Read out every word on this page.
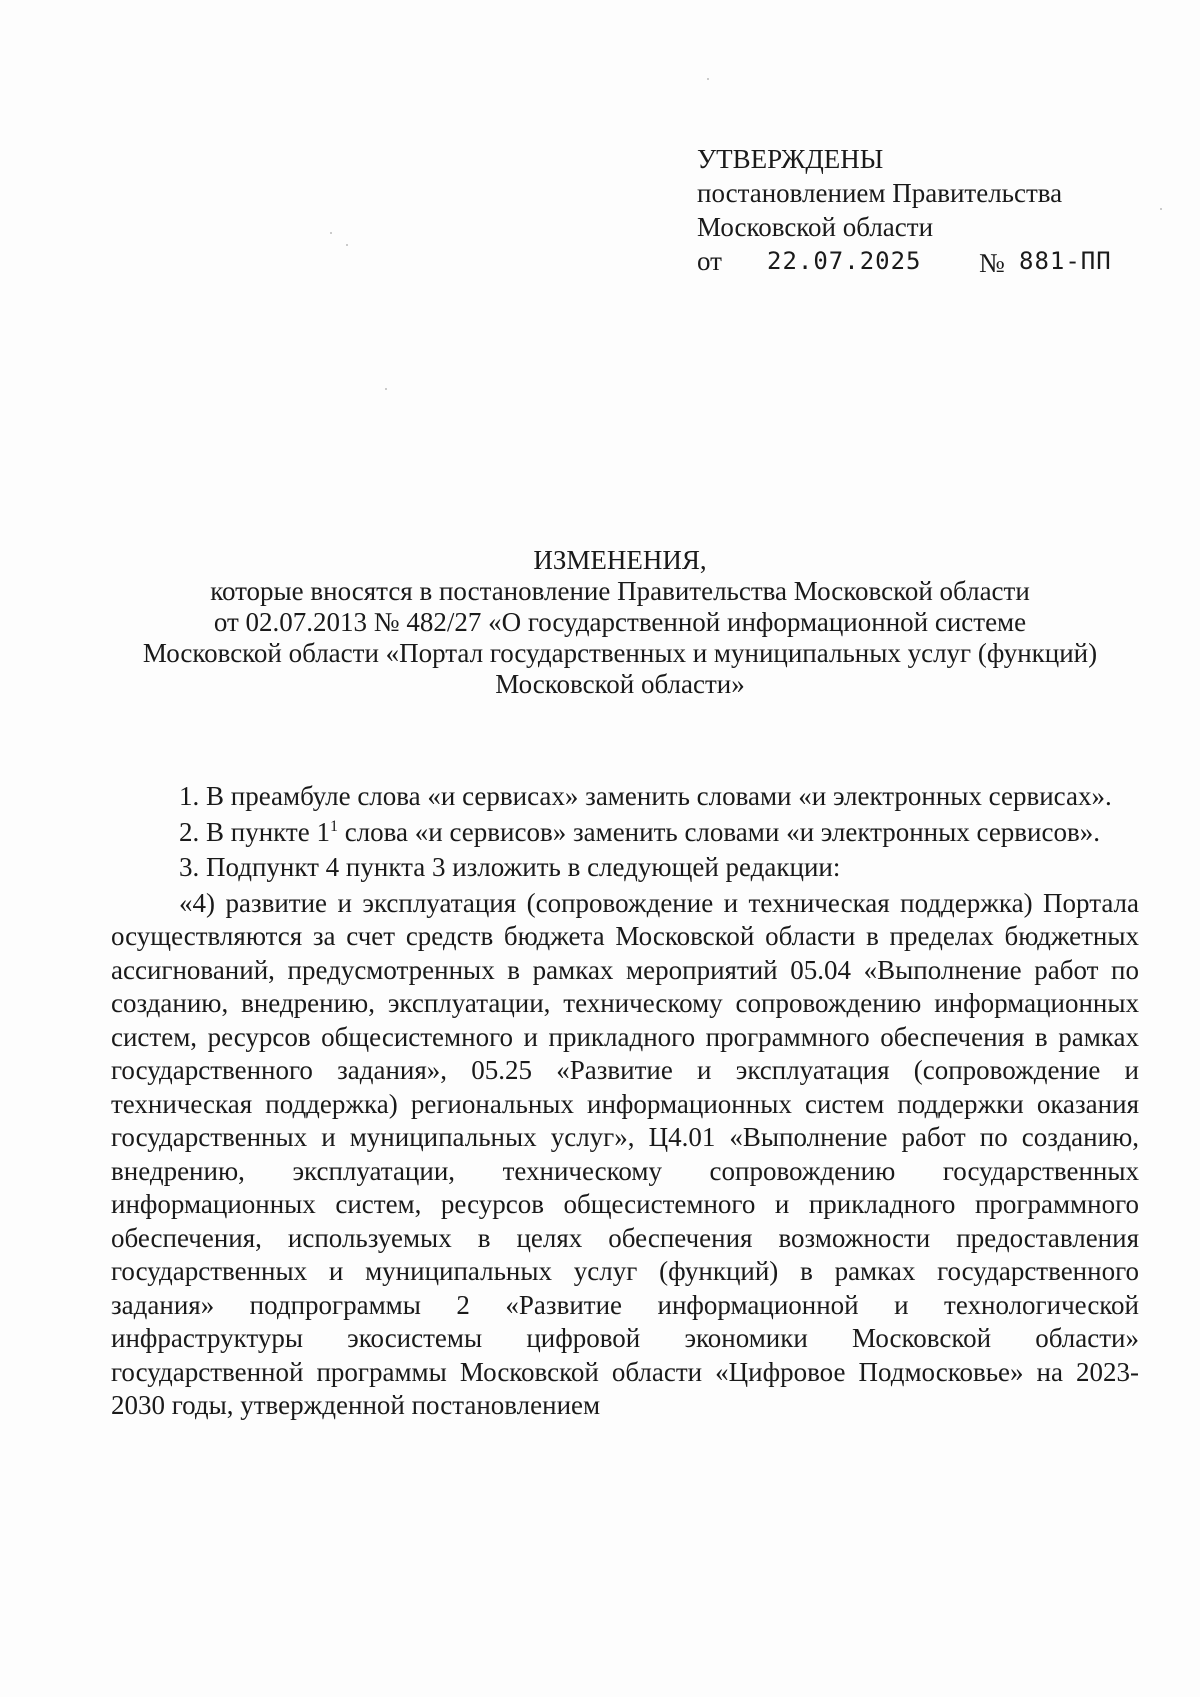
УТВЕРЖДЕНЫ
постановлением Правительства
Московской области
от 22.07.2025 № 881-ПП
ИЗМЕНЕНИЯ,
которые вносятся в постановление Правительства Московской области
от 02.07.2013 № 482/27 «О государственной информационной системе
Московской области «Портал государственных и муниципальных услуг (функций)
Московской области»

1. В преамбуле слова «и сервисах» заменить словами «и электронных сервисах».

2. В пункте $1^1$ слова «и сервисов» заменить словами «и электронных сервисов».

3. Подпункт 4 пункта 3 изложить в следующей редакции:

«4) развитие и эксплуатация (сопровождение и техническая поддержка) Портала осуществляются за счет средств бюджета Московской области в пределах бюджетных ассигнований, предусмотренных в рамках мероприятий 05.04 «Выполнение работ по созданию, внедрению, эксплуатации, техническому сопровождению информационных систем, ресурсов общесистемного и прикладного программного обеспечения в рамках государственного задания», 05.25 «Развитие и эксплуатация (сопровождение и техническая поддержка) региональных информационных систем поддержки оказания государственных и муниципальных услуг», Ц4.01 «Выполнение работ по созданию, внедрению, эксплуатации, техническому сопровождению государственных информационных систем, ресурсов общесистемного и прикладного программного обеспечения, используемых в целях обеспечения возможности предоставления государственных и муниципальных услуг (функций) в рамках государственного задания» подпрограммы 2 «Развитие информационной и технологической инфраструктуры экосистемы цифровой экономики Московской области» государственной программы Московской области «Цифровое Подмосковье» на 2023-2030 годы, утвержденной постановлением
